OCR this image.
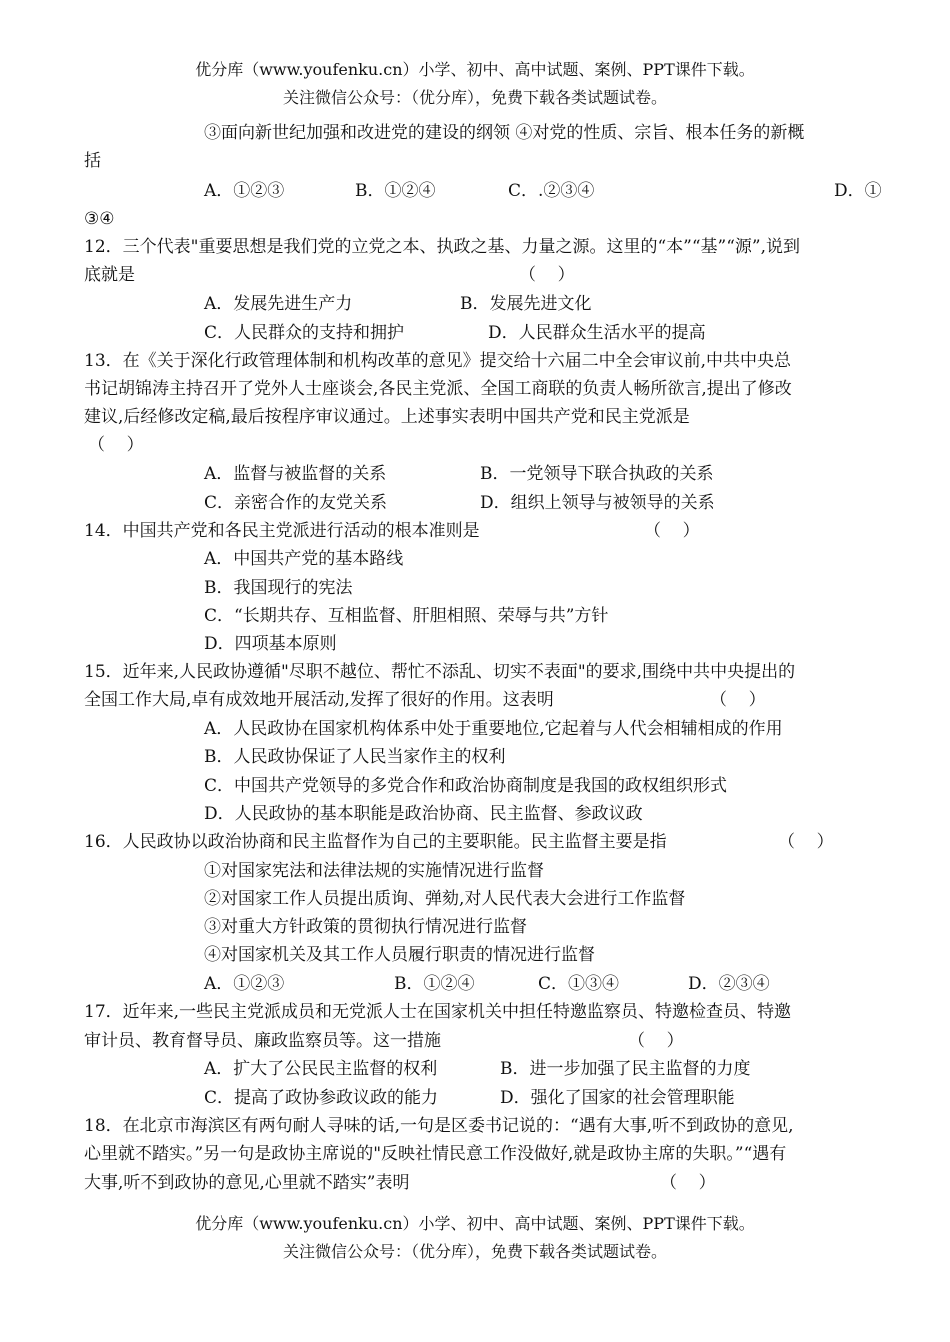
优分库（www.youfenku.cn）小学、初中、高中试题、案例、PPT课件下载。
关注微信公众号：（优分库），免费下载各类试题试卷。
③面向新世纪加强和改进党的建设的纲领 ④对党的性质、宗旨、根本任务的新概
括
A．①②③	B．①②④	C．.②③④	D．①
③④
12．三个代表"重要思想是我们党的立党之本、执政之基、力量之源。这里的“本”“基”“源”,说到
底就是	（    ）
A．发展先进生产力	B．发展先进文化
C．人民群众的支持和拥护	D．人民群众生活水平的提高
13．在《关于深化行政管理体制和机构改革的意见》提交给十六届二中全会审议前,中共中央总
书记胡锦涛主持召开了党外人士座谈会,各民主党派、全国工商联的负责人畅所欲言,提出了修改
建议,后经修改定稿,最后按程序审议通过。上述事实表明中国共产党和民主党派是
（    ）
A．监督与被监督的关系	B．一党领导下联合执政的关系
C．亲密合作的友党关系	D．组织上领导与被领导的关系
14．中国共产党和各民主党派进行活动的根本准则是	（    ）
A．中国共产党的基本路线
B．我国现行的宪法
C．“长期共存、互相监督、肝胆相照、荣辱与共”方针
D．四项基本原则
15．近年来,人民政协遵循"尽职不越位、帮忙不添乱、切实不表面"的要求,围绕中共中央提出的
全国工作大局,卓有成效地开展活动,发挥了很好的作用。这表明	（    ）
A．人民政协在国家机构体系中处于重要地位,它起着与人代会相辅相成的作用
B．人民政协保证了人民当家作主的权利
C．中国共产党领导的多党合作和政治协商制度是我国的政权组织形式
D．人民政协的基本职能是政治协商、民主监督、参政议政
16．人民政协以政治协商和民主监督作为自己的主要职能。民主监督主要是指	（    ）
①对国家宪法和法律法规的实施情况进行监督
②对国家工作人员提出质询、弹劾,对人民代表大会进行工作监督
③对重大方针政策的贯彻执行情况进行监督
④对国家机关及其工作人员履行职责的情况进行监督
A．①②③	B．①②④	C．①③④	D．②③④
17．近年来,一些民主党派成员和无党派人士在国家机关中担任特邀监察员、特邀检查员、特邀
审计员、教育督导员、廉政监察员等。这一措施	（    ）
A．扩大了公民民主监督的权利	B．进一步加强了民主监督的力度
C．提高了政协参政议政的能力	D．强化了国家的社会管理职能
18．在北京市海滨区有两句耐人寻味的话,一句是区委书记说的：“遇有大事,听不到政协的意见,
心里就不踏实。”另一句是政协主席说的"反映社情民意工作没做好,就是政协主席的失职。”“遇有
大事,听不到政协的意见,心里就不踏实”表明	（    ）
优分库（www.youfenku.cn）小学、初中、高中试题、案例、PPT课件下载。
关注微信公众号：（优分库），免费下载各类试题试卷。
